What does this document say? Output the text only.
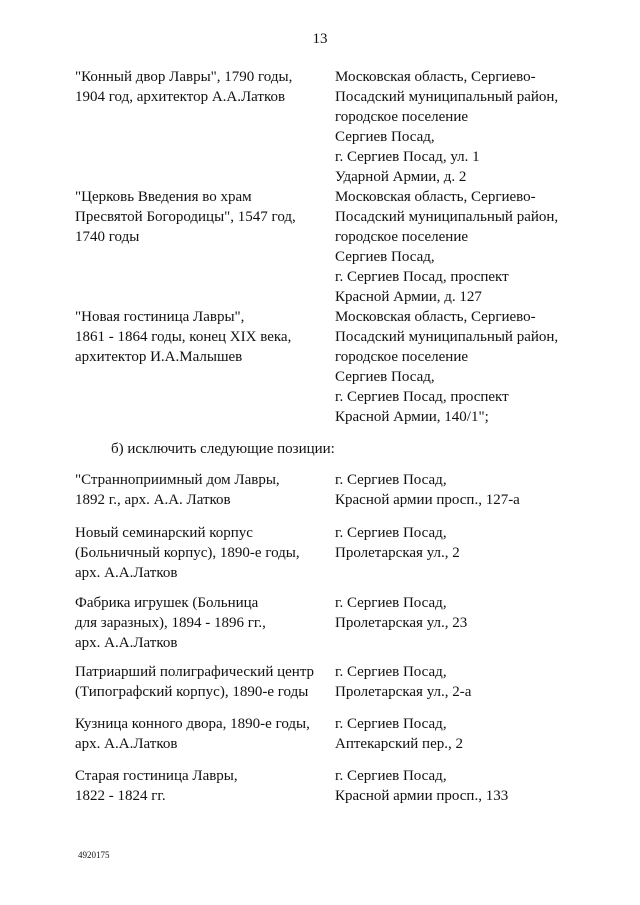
13
"Конный двор Лавры", 1790 годы,
1904 год, архитектор А.А.Латков
Московская область, Сергиево-
Посадский муниципальный район,
городское поселение
Сергиев Посад,
г. Сергиев Посад, ул. 1
Ударной Армии, д. 2
"Церковь Введения во храм
Пресвятой Богородицы", 1547 год,
1740 годы
Московская область, Сергиево-
Посадский муниципальный район,
городское поселение
Сергиев Посад,
г. Сергиев Посад, проспект
Красной Армии, д. 127
"Новая гостиница Лавры",
1861 - 1864 годы, конец XIX века,
архитектор И.А.Малышев
Московская область, Сергиево-
Посадский муниципальный район,
городское поселение
Сергиев Посад,
г. Сергиев Посад, проспект
Красной Армии, 140/1";
б) исключить следующие позиции:
"Странноприимный дом Лавры,
1892 г., арх. А.А. Латков
г. Сергиев Посад,
Красной армии просп., 127-а
Новый семинарский корпус
(Больничный корпус), 1890-е годы,
арх. А.А.Латков
г. Сергиев Посад,
Пролетарская ул., 2
Фабрика игрушек (Больница
для заразных), 1894 - 1896 гг.,
арх. А.А.Латков
г. Сергиев Посад,
Пролетарская ул., 23
Патриарший полиграфический центр
(Типографский корпус), 1890-е годы
г. Сергиев Посад,
Пролетарская ул., 2-а
Кузница конного двора, 1890-е годы,
арх. А.А.Латков
г. Сергиев Посад,
Аптекарский пер., 2
Старая гостиница Лавры,
1822 - 1824 гг.
г. Сергиев Посад,
Красной армии просп., 133
4920175
